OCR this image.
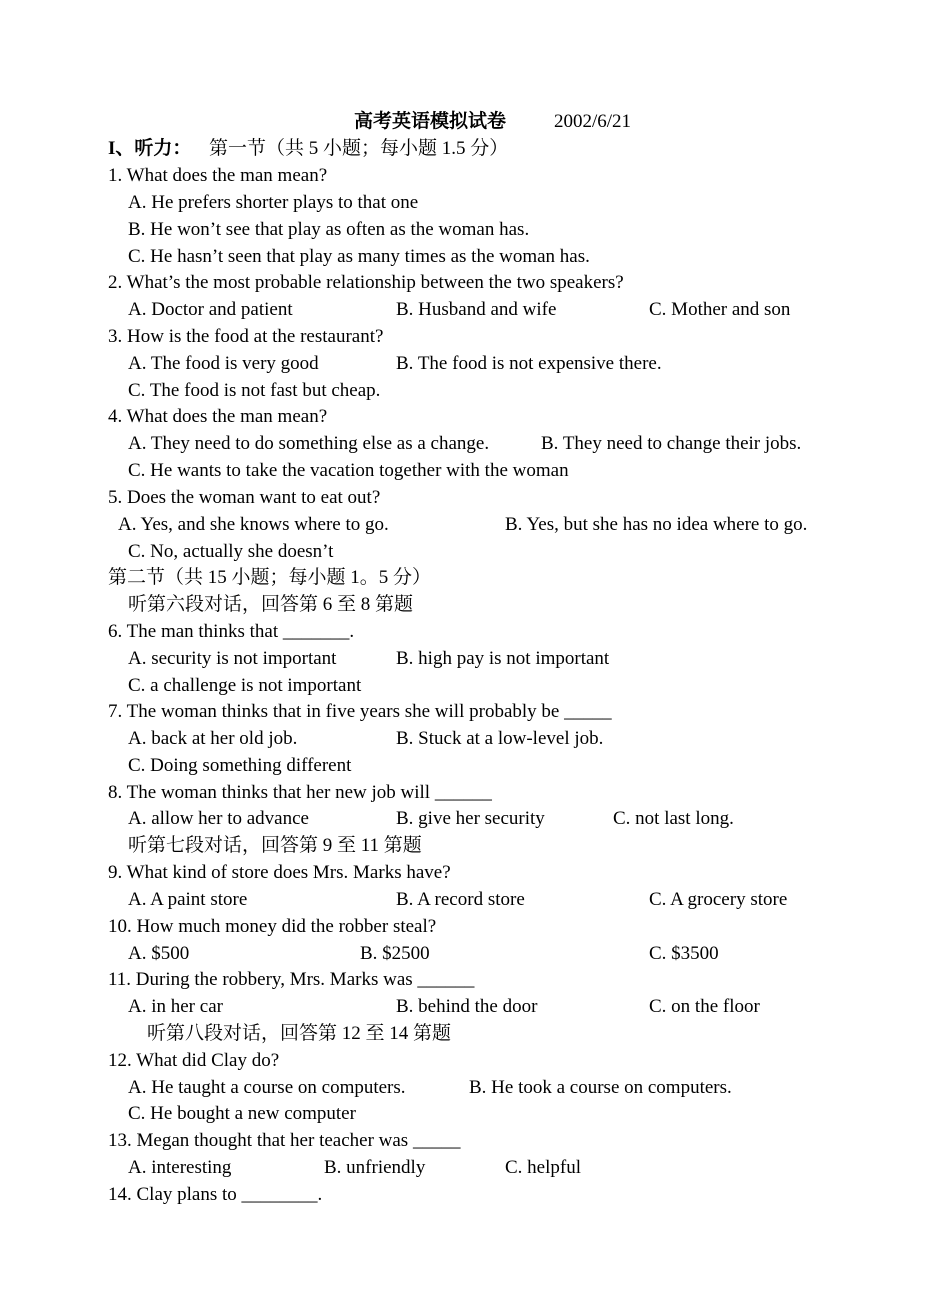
高考英语模拟试卷	2002/6/21
I、听力： 第一节（共 5 小题；每小题 1.5 分）
1. What does the man mean?
A. He prefers shorter plays to that one
B. He won’t see that play as often as the woman has.
C. He hasn’t seen that play as many times as the woman has.
2. What’s the most probable relationship between the two speakers?
A. Doctor and patient	B. Husband and wife	C. Mother and son
3. How is the food at the restaurant?
A. The food is very good	B. The food is not expensive there.
C. The food is not fast but cheap.
4. What does the man mean?
A. They need to do something else as a change.	B. They need to change their jobs.
C. He wants to take the vacation together with the woman
5. Does the woman want to eat out?
A. Yes, and she knows where to go.	B. Yes, but she has no idea where to go.
C. No, actually she doesn’t
第二节（共 15 小题；每小题 1。5 分）
听第六段对话，回答第 6 至 8 第题
6. The man thinks that _______.
A. security is not important	B. high pay is not important
C. a challenge is not important
7. The woman thinks that in five years she will probably be _____
A. back at her old job.	B. Stuck at a low-level job.
C. Doing something different
8. The woman thinks that her new job will ______
A. allow her to advance	B. give her security	C. not last long.
听第七段对话，回答第 9 至 11 第题
9. What kind of store does Mrs. Marks have?
A. A paint store	B. A record store	C. A grocery store
10. How much money did the robber steal?
A. $500	B. $2500	C. $3500
11. During the robbery, Mrs. Marks was ______
A. in her car	B. behind the door	C. on the floor
听第八段对话，回答第 12 至 14 第题
12. What did Clay do?
A. He taught a course on computers.	B. He took a course on computers.
C. He bought a new computer
13. Megan thought that her teacher was _____
A. interesting	B. unfriendly	C. helpful
14. Clay plans to ________.
